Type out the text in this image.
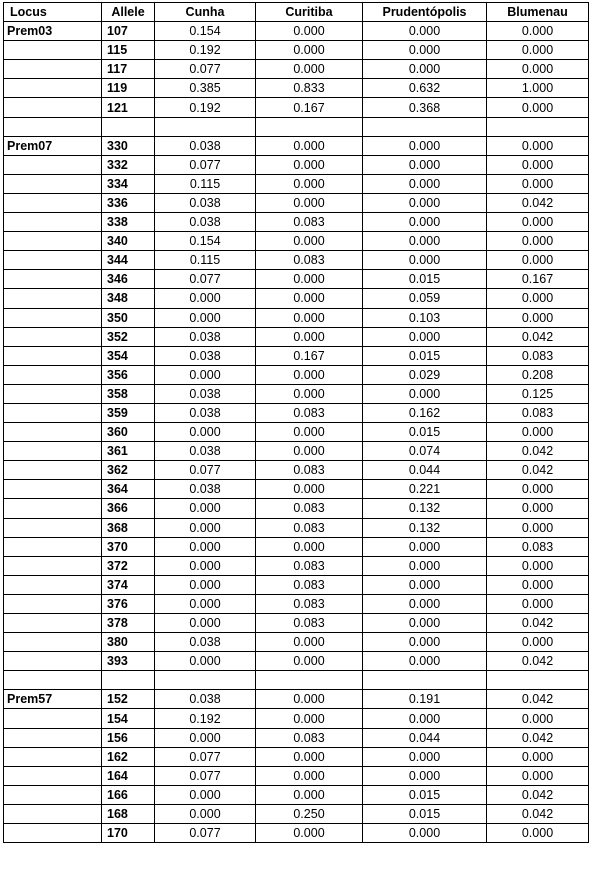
Locus	Allele	Cunha	Curitiba	Prudentópolis	Blumenau
Prem03	107	0.154	0.000	0.000	0.000
	115	0.192	0.000	0.000	0.000
	117	0.077	0.000	0.000	0.000
	119	0.385	0.833	0.632	1.000
	121	0.192	0.167	0.368	0.000

Prem07	330	0.038	0.000	0.000	0.000
	332	0.077	0.000	0.000	0.000
	334	0.115	0.000	0.000	0.000
	336	0.038	0.000	0.000	0.042
	338	0.038	0.083	0.000	0.000
	340	0.154	0.000	0.000	0.000
	344	0.115	0.083	0.000	0.000
	346	0.077	0.000	0.015	0.167
	348	0.000	0.000	0.059	0.000
	350	0.000	0.000	0.103	0.000
	352	0.038	0.000	0.000	0.042
	354	0.038	0.167	0.015	0.083
	356	0.000	0.000	0.029	0.208
	358	0.038	0.000	0.000	0.125
	359	0.038	0.083	0.162	0.083
	360	0.000	0.000	0.015	0.000
	361	0.038	0.000	0.074	0.042
	362	0.077	0.083	0.044	0.042
	364	0.038	0.000	0.221	0.000
	366	0.000	0.083	0.132	0.000
	368	0.000	0.083	0.132	0.000
	370	0.000	0.000	0.000	0.083
	372	0.000	0.083	0.000	0.000
	374	0.000	0.083	0.000	0.000
	376	0.000	0.083	0.000	0.000
	378	0.000	0.083	0.000	0.042
	380	0.038	0.000	0.000	0.000
	393	0.000	0.000	0.000	0.042

Prem57	152	0.038	0.000	0.191	0.042
	154	0.192	0.000	0.000	0.000
	156	0.000	0.083	0.044	0.042
	162	0.077	0.000	0.000	0.000
	164	0.077	0.000	0.000	0.000
	166	0.000	0.000	0.015	0.042
	168	0.000	0.250	0.015	0.042
	170	0.077	0.000	0.000	0.000
